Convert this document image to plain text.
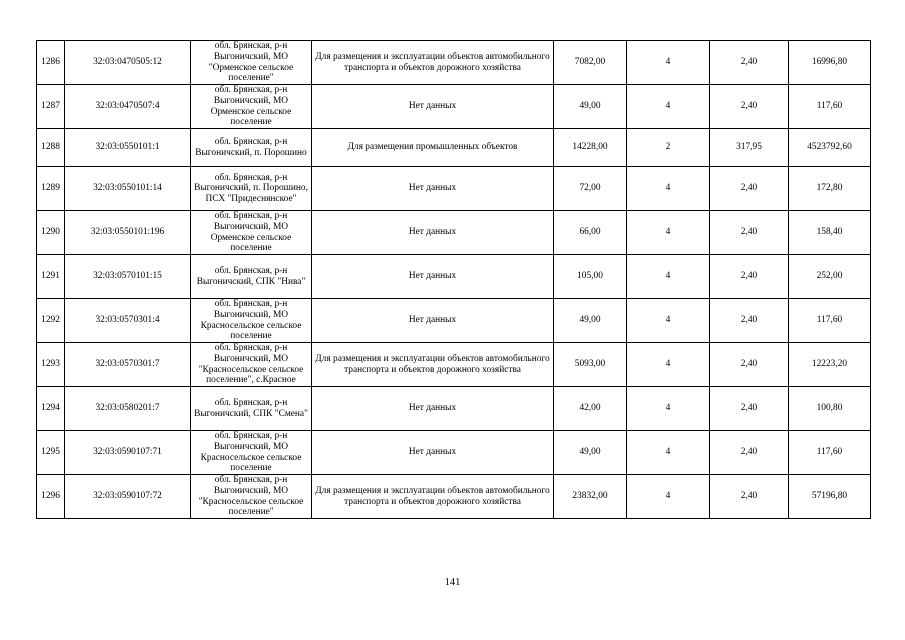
1286	32:03:0470505:12	обл. Брянская, р-н Выгоничский, МО "Орменское сельское поселение"	Для размещения и эксплуатации объектов автомобильного транспорта и объектов дорожного хозяйства	7082,00	4	2,40	16996,80
1287	32:03:0470507:4	обл. Брянская, р-н Выгоничский, МО Орменское сельское поселение	Нет данных	49,00	4	2,40	117,60
1288	32:03:0550101:1	обл. Брянская, р-н Выгоничский, п. Порошино	Для размещения промышленных объектов	14228,00	2	317,95	4523792,60
1289	32:03:0550101:14	обл. Брянская, р-н Выгоничский, п. Порошино, ПСХ "Придеснянское"	Нет данных	72,00	4	2,40	172,80
1290	32:03:0550101:196	обл. Брянская, р-н Выгоничский, МО Орменское сельское поселение	Нет данных	66,00	4	2,40	158,40
1291	32:03:0570101:15	обл. Брянская, р-н Выгоничский, СПК "Нива"	Нет данных	105,00	4	2,40	252,00
1292	32:03:0570301:4	обл. Брянская, р-н Выгоничский, МО Красносельское сельское поселение	Нет данных	49,00	4	2,40	117,60
1293	32:03:0570301:7	обл. Брянская, р-н Выгоничский, МО "Красносельское сельское поселение", с.Красное	Для размещения и эксплуатации объектов автомобильного транспорта и объектов дорожного хозяйства	5093,00	4	2,40	12223,20
1294	32:03:0580201:7	обл. Брянская, р-н Выгоничский, СПК "Смена"	Нет данных	42,00	4	2,40	100,80
1295	32:03:0590107:71	обл. Брянская, р-н Выгоничский, МО Красносельское сельское поселение	Нет данных	49,00	4	2,40	117,60
1296	32:03:0590107:72	обл. Брянская, р-н Выгоничский, МО "Красносельское сельское поселение"	Для размещения и эксплуатации объектов автомобильного транспорта и объектов дорожного хозяйства	23832,00	4	2,40	57196,80
141
